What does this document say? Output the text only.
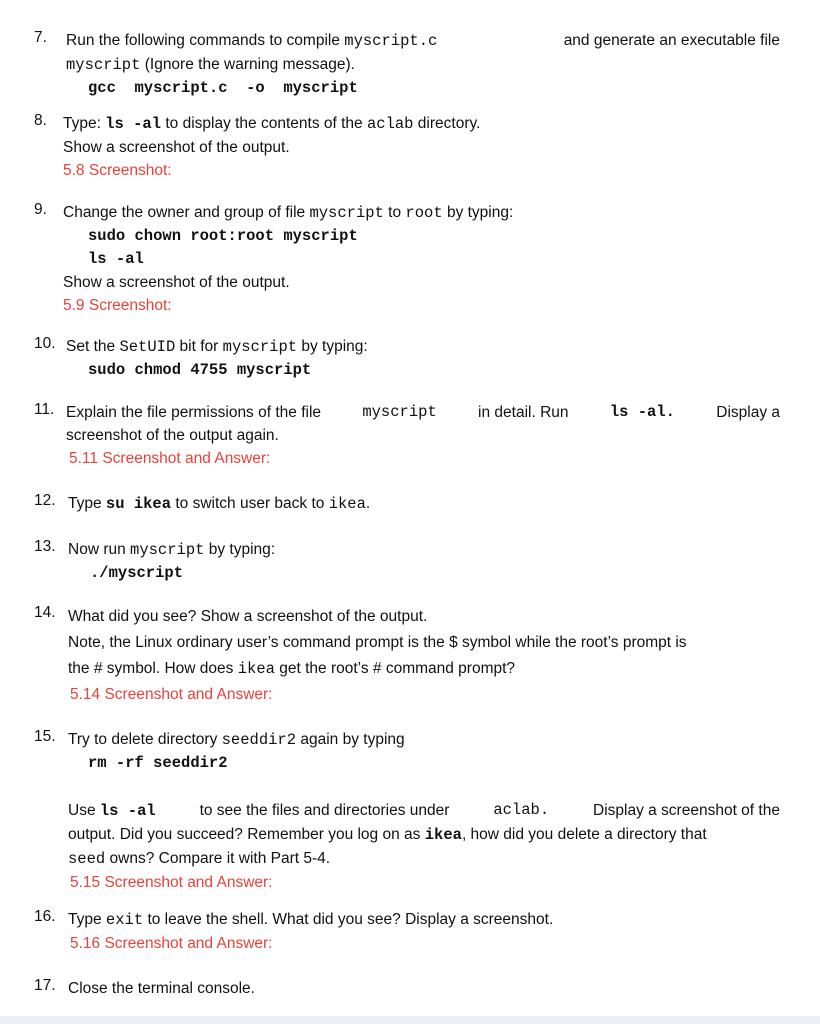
7. Run the following commands to compile myscript.c	and generate an executable file
myscript (Ignore the warning message).
gcc  myscript.c  -o  myscript
8. Type: ls -al to display the contents of the aclab directory.
Show a screenshot of the output.
5.8 Screenshot:
9. Change the owner and group of file myscript to root by typing:
sudo chown root:root myscript
ls -al
Show a screenshot of the output.
5.9 Screenshot:
10. Set the SetUID bit for myscript by typing:
sudo chmod 4755 myscript
11. Explain the file permissions of the file	myscript	in detail. Run	ls -al.	Display a
screenshot of the output again.
5.11 Screenshot and Answer:
12. Type su ikea to switch user back to ikea.
13. Now run myscript by typing:
./myscript
14. What did you see? Show a screenshot of the output.
Note, the Linux ordinary user’s command prompt is the $ symbol while the root’s prompt is
the # symbol. How does ikea get the root’s # command prompt?
5.14 Screenshot and Answer:
15. Try to delete directory seeddir2 again by typing
rm -rf seeddir2
Use ls -al	to see the files and directories under	aclab.	Display a screenshot of the
output. Did you succeed? Remember you log on as ikea, how did you delete a directory that
seed owns? Compare it with Part 5-4.
5.15 Screenshot and Answer:
16. Type exit to leave the shell. What did you see? Display a screenshot.
5.16 Screenshot and Answer:
17. Close the terminal console.
